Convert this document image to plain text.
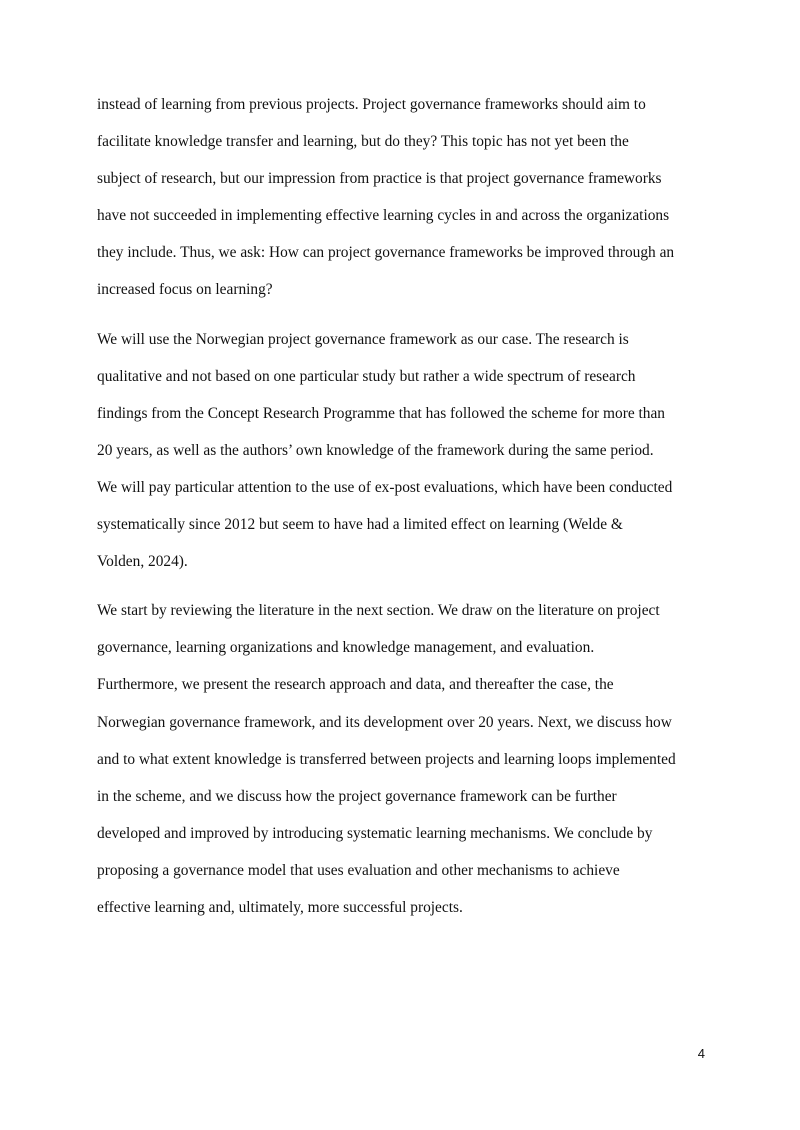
instead of learning from previous projects. Project governance frameworks should aim to
facilitate knowledge transfer and learning, but do they? This topic has not yet been the
subject of research, but our impression from practice is that project governance frameworks
have not succeeded in implementing effective learning cycles in and across the organizations
they include. Thus, we ask: How can project governance frameworks be improved through an
increased focus on learning?
We will use the Norwegian project governance framework as our case. The research is
qualitative and not based on one particular study but rather a wide spectrum of research
findings from the Concept Research Programme that has followed the scheme for more than
20 years, as well as the authors’ own knowledge of the framework during the same period.
We will pay particular attention to the use of ex-post evaluations, which have been conducted
systematically since 2012 but seem to have had a limited effect on learning (Welde &
Volden, 2024).
We start by reviewing the literature in the next section. We draw on the literature on project
governance, learning organizations and knowledge management, and evaluation.
Furthermore, we present the research approach and data, and thereafter the case, the
Norwegian governance framework, and its development over 20 years. Next, we discuss how
and to what extent knowledge is transferred between projects and learning loops implemented
in the scheme, and we discuss how the project governance framework can be further
developed and improved by introducing systematic learning mechanisms. We conclude by
proposing a governance model that uses evaluation and other mechanisms to achieve
effective learning and, ultimately, more successful projects.
4
